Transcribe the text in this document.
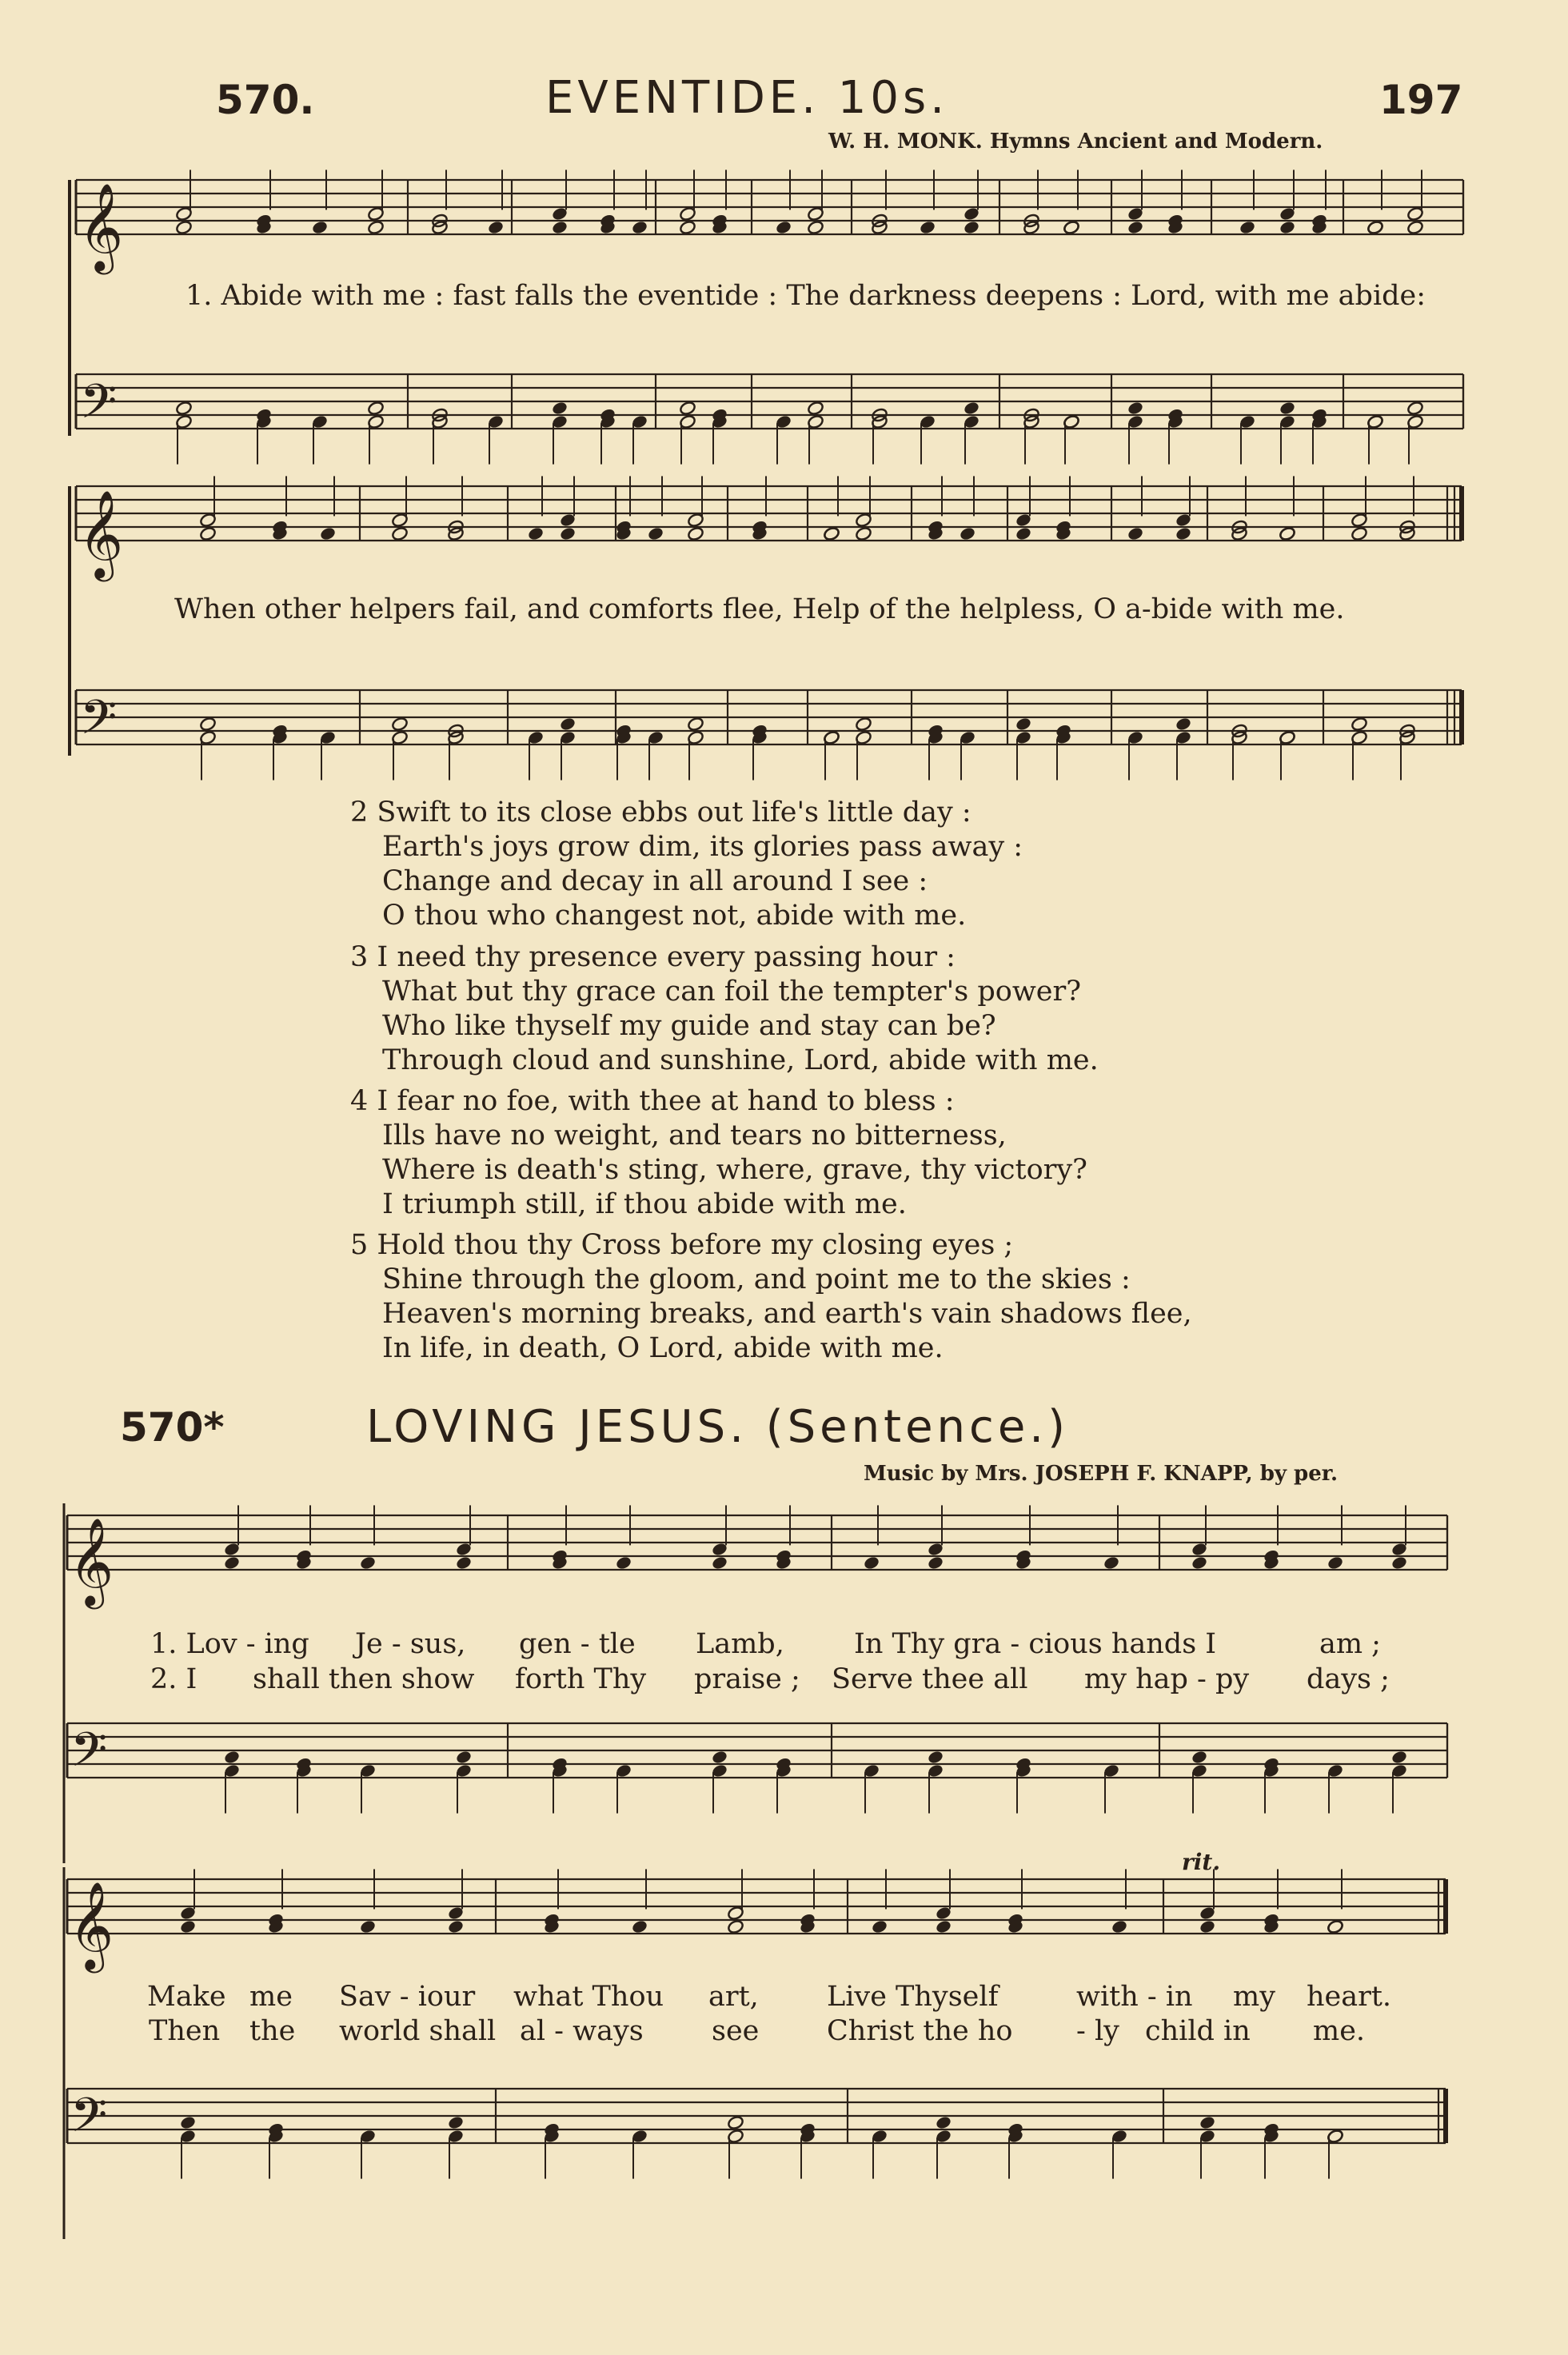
570.	EVENTIDE. 10s.	197
W. H. MONK. Hymns Ancient and Modern.
𝄞
𝄢
𝄞
𝄢
𝄞
𝄢
𝄞
𝄢
1. Abide with me : fast falls the eventide : The darkness deepens : Lord, with me abide:
When other helpers fail, and comforts flee, Help of the helpless, O a-bide with me.
2 Swift to its close ebbs out life's little day :
Earth's joys grow dim, its glories pass away :
Change and decay in all around I see :
O thou who changest not, abide with me.
3 I need thy presence every passing hour :
What but thy grace can foil the tempter's power?
Who like thyself my guide and stay can be?
Through cloud and sunshine, Lord, abide with me.
4 I fear no foe, with thee at hand to bless :
Ills have no weight, and tears no bitterness,
Where is death's sting, where, grave, thy victory?
I triumph still, if thou abide with me.
5 Hold thou thy Cross before my closing eyes ;
Shine through the gloom, and point me to the skies :
Heaven's morning breaks, and earth's vain shadows flee,
In life, in death, O Lord, abide with me.
570*	LOVING JESUS. (Sentence.)
Music by Mrs. JOSEPH F. KNAPP, by per.
1. Lov - ing Je - sus, gen - tle Lamb, In Thy gra - cious hands I	am ;
2. I shall then show forth Thy praise ; Serve thee all my hap - py days ;
rit.
Make me Sav - iour what Thou art, Live Thyself	with - in my heart.
Then the world shall al - ways see Christ the ho - ly child in me.
